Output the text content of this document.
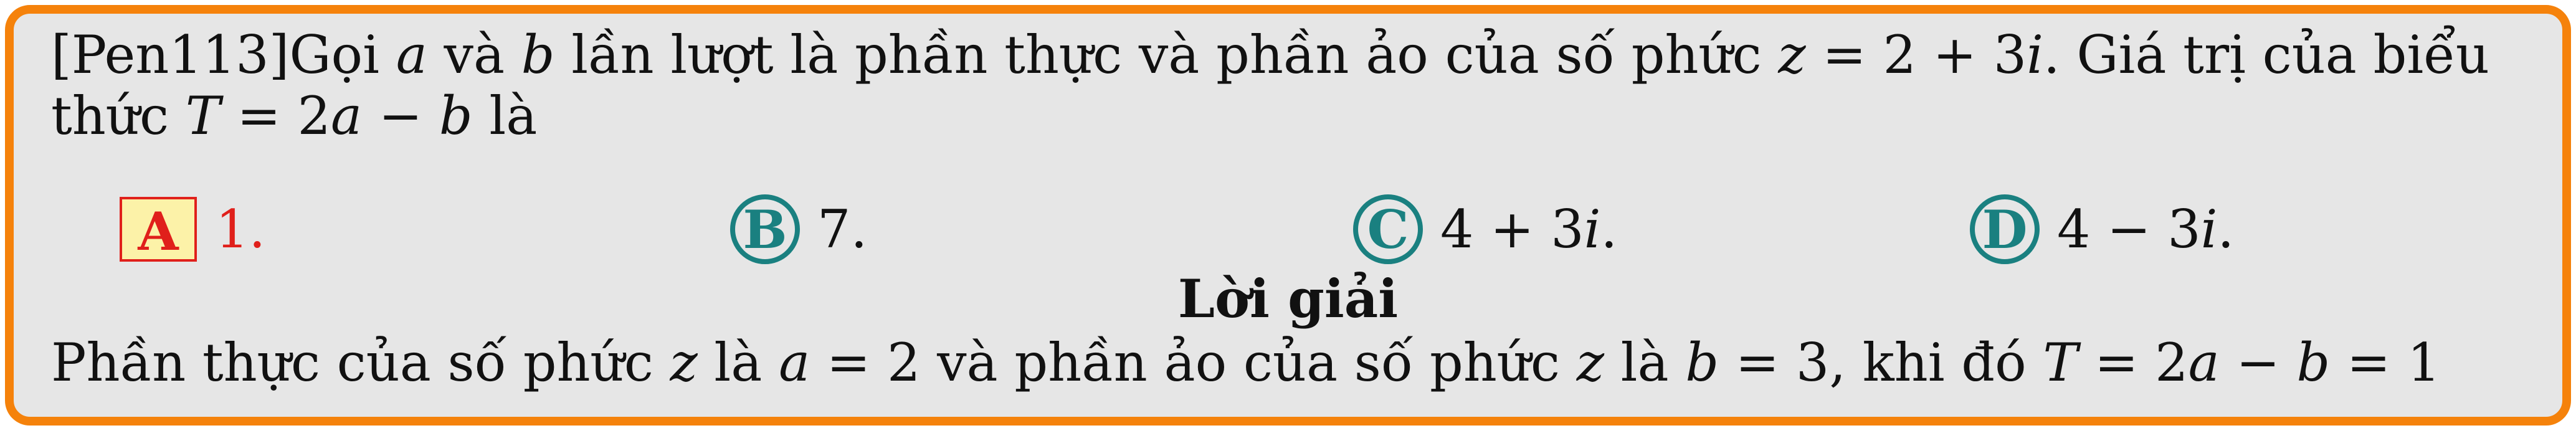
[Pen113]Gọi a và b lần lượt là phần thực và phần ảo của số phức z = 2 + 3i. Giá trị của biểu
thức T = 2a − b là
A 1.	B 7.	C 4 + 3i.	D 4 − 3i.
Lời giải
Phần thực của số phức z là a = 2 và phần ảo của số phức z là b = 3, khi đó T = 2a − b = 1
